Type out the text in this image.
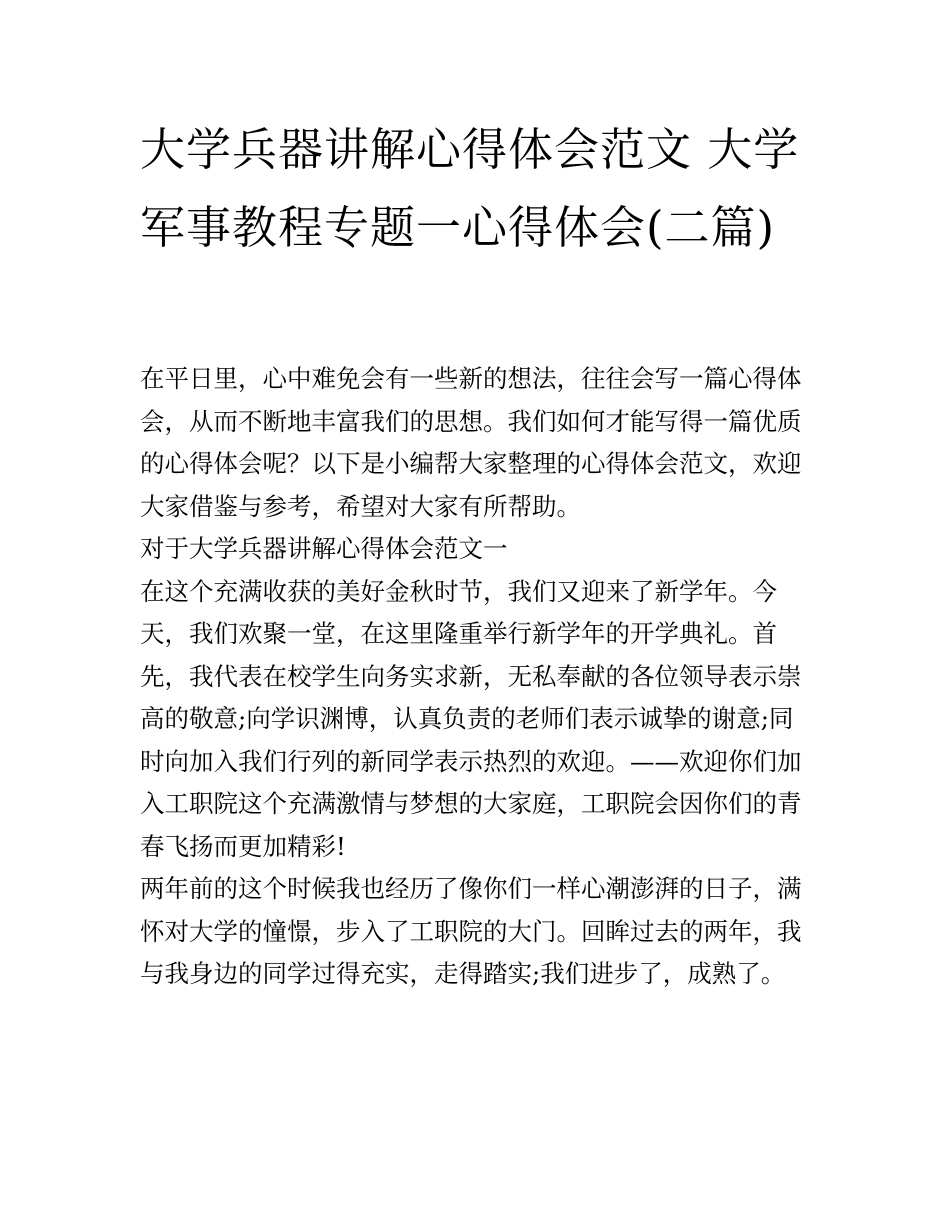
大学兵器讲解心得体会范文 大学军事教程专题一心得体会(二篇)

在平日里，心中难免会有一些新的想法，往往会写一篇心得体会，从而不断地丰富我们的思想。我们如何才能写得一篇优质的心得体会呢？以下是小编帮大家整理的心得体会范文，欢迎大家借鉴与参考，希望对大家有所帮助。

对于大学兵器讲解心得体会范文一

在这个充满收获的美好金秋时节，我们又迎来了新学年。今天，我们欢聚一堂，在这里隆重举行新学年的开学典礼。首先，我代表在校学生向务实求新，无私奉献的各位领导表示崇高的敬意;向学识渊博，认真负责的老师们表示诚挚的谢意;同时向加入我们行列的新同学表示热烈的欢迎。——欢迎你们加入工职院这个充满激情与梦想的大家庭，工职院会因你们的青春飞扬而更加精彩!

两年前的这个时候我也经历了像你们一样心潮澎湃的日子，满怀对大学的憧憬，步入了工职院的大门。回眸过去的两年，我与我身边的同学过得充实，走得踏实;我们进步了，成熟了。
